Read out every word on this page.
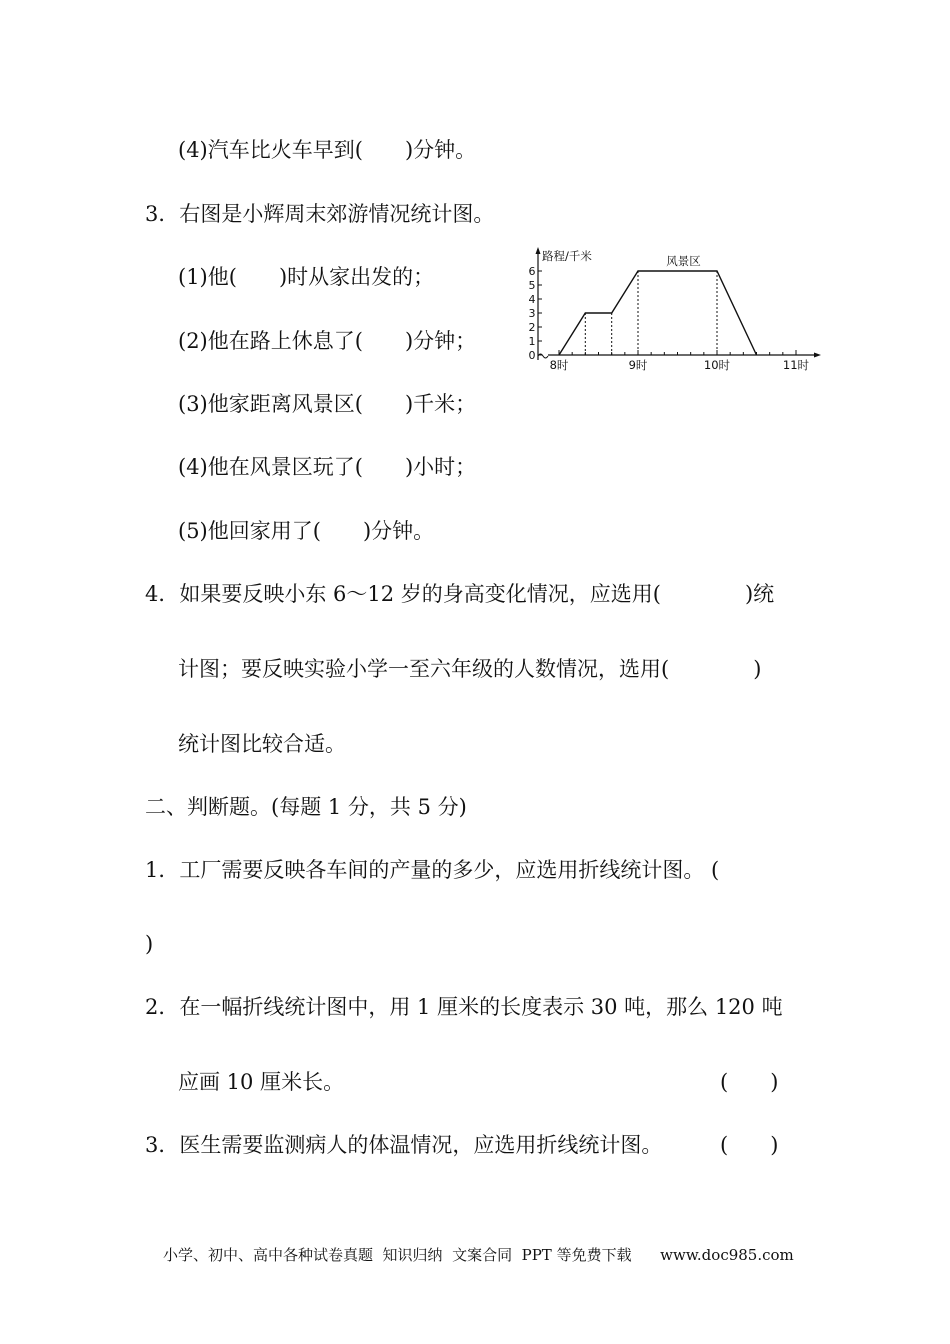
(4)汽车比火车早到(　　)分钟。
3．右图是小辉周末郊游情况统计图。
(1)他(　　)时从家出发的；
(2)他在路上休息了(　　)分钟；
(3)他家距离风景区(　　)千米；
(4)他在风景区玩了(　　)小时；
(5)他回家用了(　　)分钟。
4．如果要反映小东 6～12 岁的身高变化情况，应选用(　　　　)统
计图；要反映实验小学一至六年级的人数情况，选用(　　　　)
统计图比较合适。
二、判断题。(每题 1 分，共 5 分)
1．工厂需要反映各车间的产量的多少，应选用折线统计图。 (
)
2．在一幅折线统计图中，用 1 厘米的长度表示 30 吨，那么 120 吨
应画 10 厘米长。	(　　)
3．医生需要监测病人的体温情况，应选用折线统计图。	(　　)
路程/千米	风景区
0
1
2
3
4
5
6
8时	9时	10时	11时
小学、初中、高中各种试卷真题  知识归纳  文案合同  PPT 等免费下载      www.doc985.com
